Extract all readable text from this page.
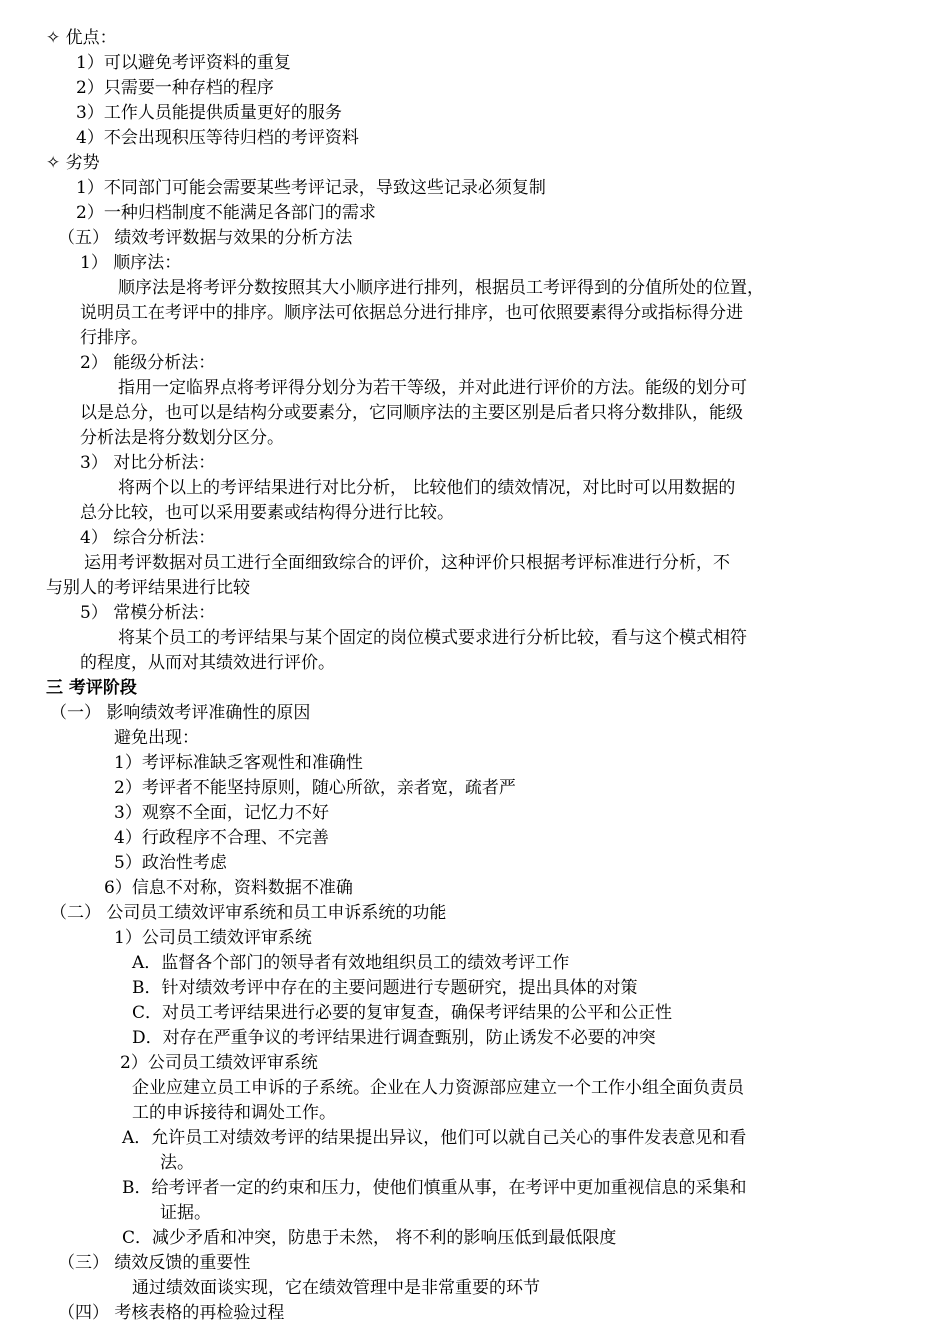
✧ 优点：
1）可以避免考评资料的重复
2）只需要一种存档的程序
3）工作人员能提供质量更好的服务
4）不会出现积压等待归档的考评资料
✧ 劣势
1）不同部门可能会需要某些考评记录，导致这些记录必须复制
2）一种归档制度不能满足各部门的需求
（五） 绩效考评数据与效果的分析方法
1） 顺序法：
顺序法是将考评分数按照其大小顺序进行排列，根据员工考评得到的分值所处的位置，
说明员工在考评中的排序。顺序法可依据总分进行排序，也可依照要素得分或指标得分进
行排序。
2） 能级分析法：
指用一定临界点将考评得分划分为若干等级，并对此进行评价的方法。能级的划分可
以是总分，也可以是结构分或要素分，它同顺序法的主要区别是后者只将分数排队，能级
分析法是将分数划分区分。
3） 对比分析法：
将两个以上的考评结果进行对比分析， 比较他们的绩效情况，对比时可以用数据的
总分比较，也可以采用要素或结构得分进行比较。
4） 综合分析法：
运用考评数据对员工进行全面细致综合的评价，这种评价只根据考评标准进行分析，不
与别人的考评结果进行比较
5） 常模分析法：
将某个员工的考评结果与某个固定的岗位模式要求进行分析比较，看与这个模式相符
的程度，从而对其绩效进行评价。
三 考评阶段
（一） 影响绩效考评准确性的原因
避免出现：
1）考评标准缺乏客观性和准确性
2）考评者不能坚持原则，随心所欲，亲者宽，疏者严
3）观察不全面，记忆力不好
4）行政程序不合理、不完善
5）政治性考虑
6）信息不对称，资料数据不准确
（二） 公司员工绩效评审系统和员工申诉系统的功能
1）公司员工绩效评审系统
A．监督各个部门的领导者有效地组织员工的绩效考评工作
B．针对绩效考评中存在的主要问题进行专题研究，提出具体的对策
C．对员工考评结果进行必要的复审复查，确保考评结果的公平和公正性
D．对存在严重争议的考评结果进行调查甄别，防止诱发不必要的冲突
2）公司员工绩效评审系统
企业应建立员工申诉的子系统。企业在人力资源部应建立一个工作小组全面负责员
工的申诉接待和调处工作。
A．允许员工对绩效考评的结果提出异议，他们可以就自己关心的事件发表意见和看
法。
B．给考评者一定的约束和压力，使他们慎重从事，在考评中更加重视信息的采集和
证据。
C．减少矛盾和冲突，防患于未然， 将不利的影响压低到最低限度
（三） 绩效反馈的重要性
通过绩效面谈实现，它在绩效管理中是非常重要的环节
（四） 考核表格的再检验过程
